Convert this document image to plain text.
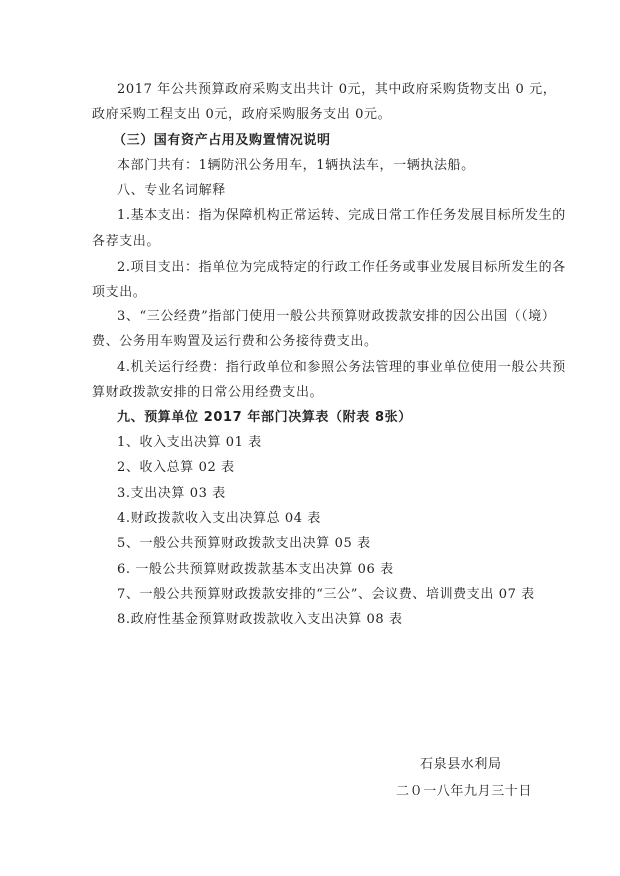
2017 年公共预算政府采购支出共计 0元，其中政府采购货物支出 0 元，
政府采购工程支出 0元，政府采购服务支出 0元。
（三）国有资产占用及购置情况说明
本部门共有：1辆防汛公务用车，1辆执法车，一辆执法船。
八、专业名词解释
1.基本支出：指为保障机构正常运转、完成日常工作任务发展目标所发生的
各荐支出。
2.项目支出：指单位为完成特定的行政工作任务或事业发展目标所发生的各
项支出。
3、“三公经费”指部门使用一般公共预算财政拨款安排的因公出国（（境）
费、公务用车购置及运行费和公务接待费支出。
4.机关运行经费：指行政单位和参照公务法管理的事业单位使用一般公共预
算财政拨款安排的日常公用经费支出。
九、预算单位 2017 年部门决算表（附表 8张）
1、收入支出决算 01 表
2、收入总算 02 表
3.支出决算 03 表
4.财政拨款收入支出决算总 04 表
5、一般公共预算财政拨款支出决算 05 表
6. 一般公共预算财政拨款基本支出决算 06 表
7、一般公共预算财政拨款安排的“三公”、会议费、培训费支出 07 表
8.政府性基金预算财政拨款收入支出决算 08 表
石泉县水利局
二０一八年九月三十日
